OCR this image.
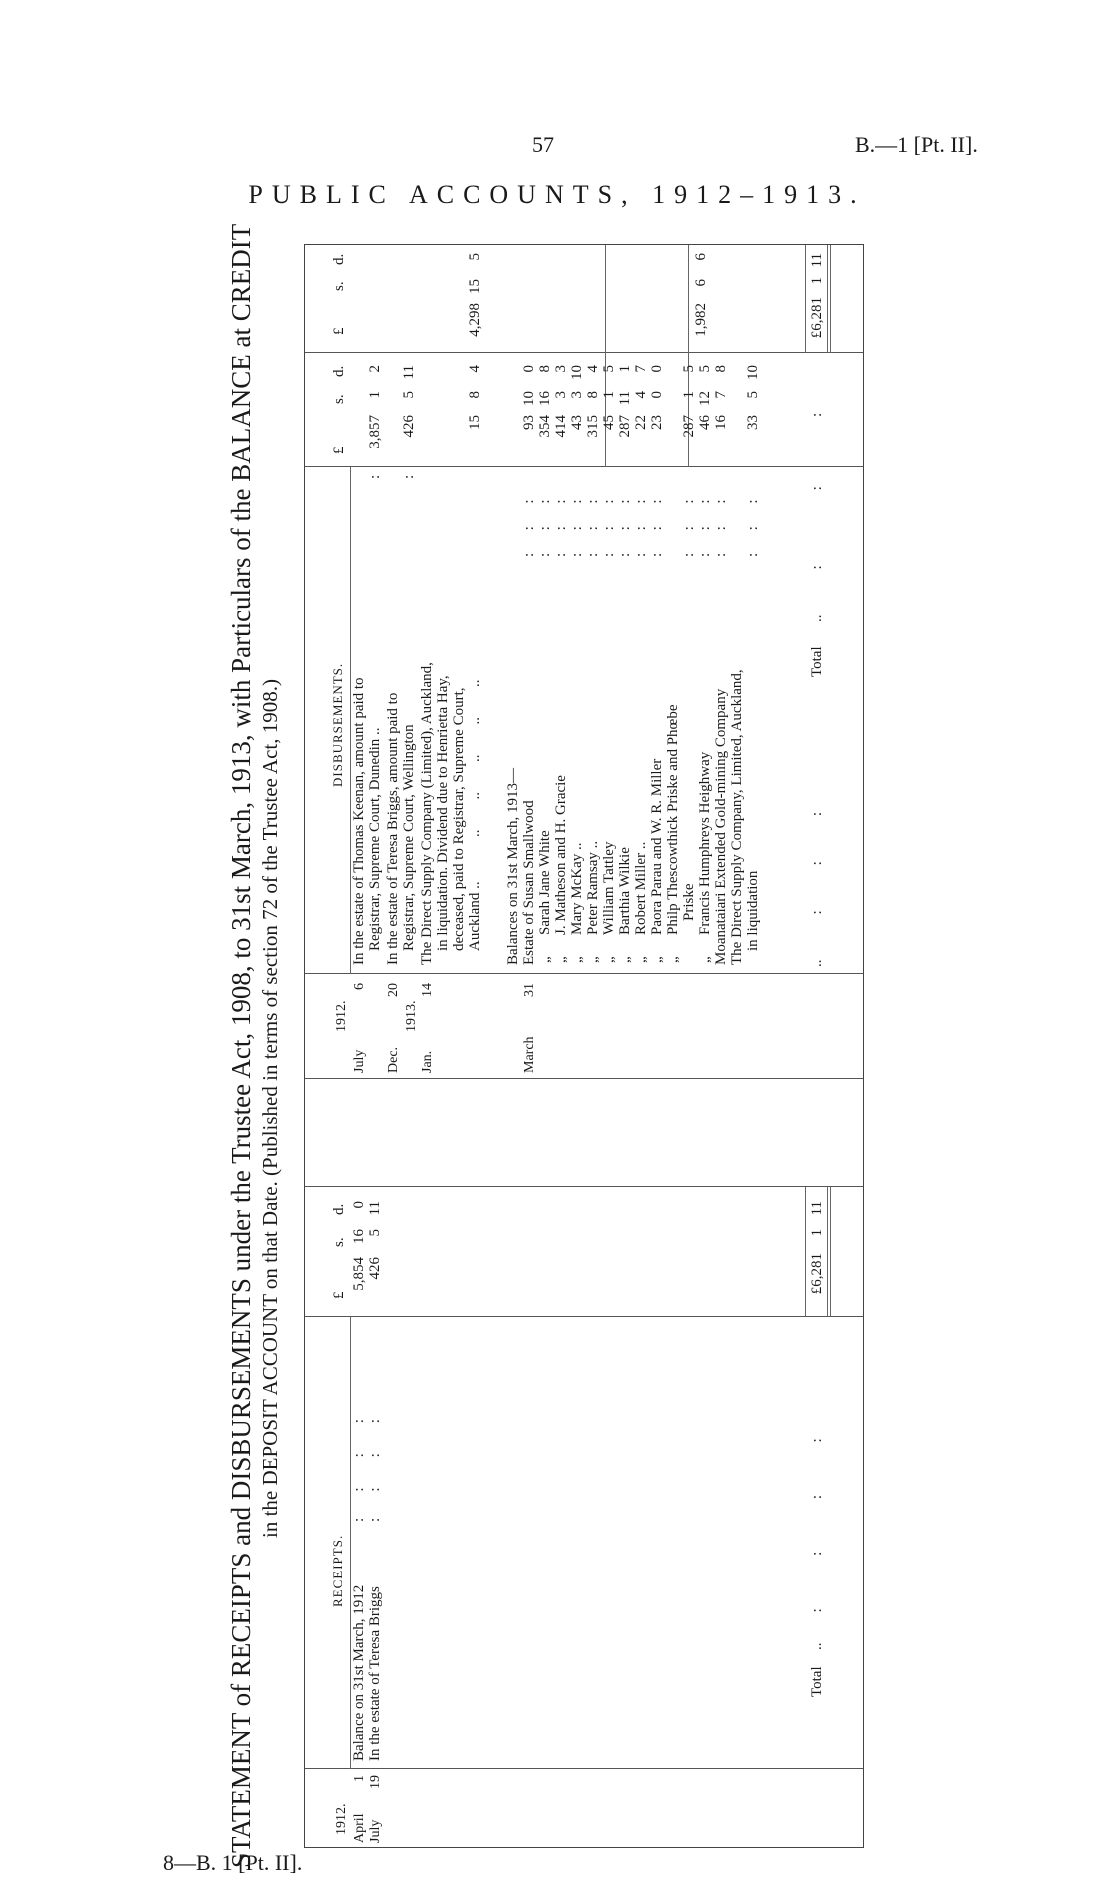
57	B.—1 [Pt. II].
PUBLIC ACCOUNTS, 1912–1913.
STATEMENT of RECEIPTS and DISBURSEMENTS under the Trustee Act, 1908, to 31st March, 1913, with Particulars of the BALANCE at CREDIT in the DEPOSIT ACCOUNT on that Date. (Published in terms of section 72 of the Trustee Act, 1908.)
RECEIPTS.
£
s.
d.
1912. April
1
Balance on 31st March, 1912
:       :        :        :
5,854
16
0
July
19
In the estate of Teresa Briggs
:       :        :        :
426
5
11
Total
..        :              :              :              :
£6,281
1
11
1912.
July
6
Dec.
20
1913.
Jan.
14
March
31
DISBURSEMENTS.
£
s.
d.
£
s.
d.
In the estate of Thomas Keenan, amount paid to Registrar, Supreme Court, Dunedin ..
:
3,857
1
2
In the estate of Teresa Briggs, amount paid to Registrar, Supreme Court, Wellington
:
426
5
11
The Direct Supply Company (Limited), Auckland, in liquidation. Dividend due to Henrietta Hay, deceased, paid to Registrar, Supreme Court, Auckland ..
..        ..        ..        ..        ..
15
8
4
4,298
15
5
Balances on 31st March, 1913—
1,982
6
6
..            :            :            :
Total
..            :                    :
:
£6,281
1
11
Estate of Susan Smallwood
:      :      :
93
10
0
„
Sarah Jane White
:      :      :
354
16
8
„
J. Matheson and H. Gracie
:      :      :
414
3
3
„
Mary McKay ..
:      :      :
43
3
10
„
Peter Ramsay ..
:      :      :
315
8
4
„
William Tattley
:      :      :
45
1
5
„
Barthia Wilkie
:      :      :
287
11
1
„
Robert Miller ..
:      :      :
22
4
7
„
Paora Parau and W. R. Miller
:      :      :
23
0
0
„
Philp Thescowthick Priske and Phœbe Priske
:      :      :
287
1
5
„
Francis Humphreys Heighway
:      :      :
46
12
5
Moanataiari Extended Gold-mining Company
:      :      :
16
7
8
The Direct Supply Company, Limited, Auckland, in liquidation
:      :      :
33
5
10
8—B. 1 [Pt. II].
